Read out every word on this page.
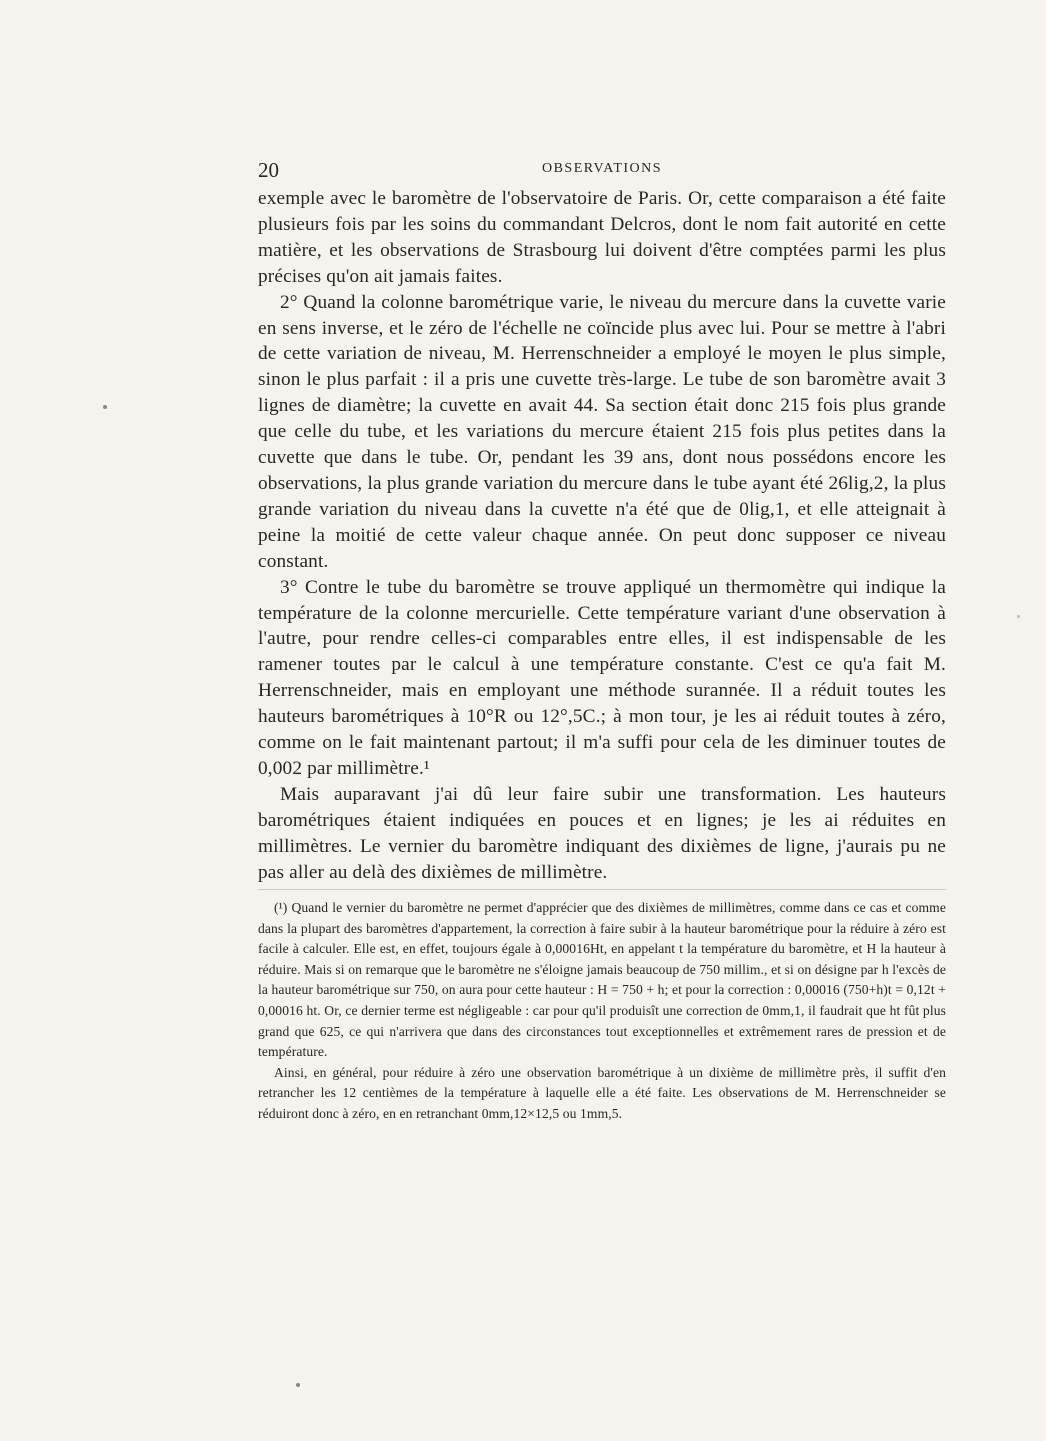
20	OBSERVATIONS

exemple avec le baromètre de l'observatoire de Paris. Or, cette comparaison a été faite plusieurs fois par les soins du commandant Delcros, dont le nom fait autorité en cette matière, et les observations de Strasbourg lui doivent d'être comptées parmi les plus précises qu'on ait jamais faites.

2° Quand la colonne barométrique varie, le niveau du mercure dans la cuvette varie en sens inverse, et le zéro de l'échelle ne coïncide plus avec lui. Pour se mettre à l'abri de cette variation de niveau, M. Herrenschneider a employé le moyen le plus simple, sinon le plus parfait : il a pris une cuvette très-large. Le tube de son baromètre avait 3 lignes de diamètre; la cuvette en avait 44. Sa section était donc 215 fois plus grande que celle du tube, et les variations du mercure étaient 215 fois plus petites dans la cuvette que dans le tube. Or, pendant les 39 ans, dont nous possédons encore les observations, la plus grande variation du mercure dans le tube ayant été 26lig,2, la plus grande variation du niveau dans la cuvette n'a été que de 0lig,1, et elle atteignait à peine la moitié de cette valeur chaque année. On peut donc supposer ce niveau constant.

3° Contre le tube du baromètre se trouve appliqué un thermomètre qui indique la température de la colonne mercurielle. Cette température variant d'une observation à l'autre, pour rendre celles-ci comparables entre elles, il est indispensable de les ramener toutes par le calcul à une température constante. C'est ce qu'a fait M. Herrenschneider, mais en employant une méthode surannée. Il a réduit toutes les hauteurs barométriques à 10°R ou 12°,5C.; à mon tour, je les ai réduit toutes à zéro, comme on le fait maintenant partout; il m'a suffi pour cela de les diminuer toutes de 0,002 par millimètre.¹

Mais auparavant j'ai dû leur faire subir une transformation. Les hauteurs barométriques étaient indiquées en pouces et en lignes; je les ai réduites en millimètres. Le vernier du baromètre indiquant des dixièmes de ligne, j'aurais pu ne pas aller au delà des dixièmes de millimètre.

(¹) Quand le vernier du baromètre ne permet d'apprécier que des dixièmes de millimètres, comme dans ce cas et comme dans la plupart des baromètres d'appartement, la correction à faire subir à la hauteur barométrique pour la réduire à zéro est facile à calculer. Elle est, en effet, toujours égale à 0,00016Ht, en appelant t la température du baromètre, et H la hauteur à réduire. Mais si on remarque que le baromètre ne s'éloigne jamais beaucoup de 750 millim., et si on désigne par h l'excès de la hauteur barométrique sur 750, on aura pour cette hauteur : H = 750 + h; et pour la correction : 0,00016 (750+h)t = 0,12t + 0,00016 ht. Or, ce dernier terme est négligeable : car pour qu'il produisît une correction de 0mm,1, il faudrait que ht fût plus grand que 625, ce qui n'arrivera que dans des circonstances tout exceptionnelles et extrêmement rares de pression et de température.

Ainsi, en général, pour réduire à zéro une observation barométrique à un dixième de millimètre près, il suffit d'en retrancher les 12 centièmes de la température à laquelle elle a été faite. Les observations de M. Herrenschneider se réduiront donc à zéro, en en retranchant 0mm,12×12,5 ou 1mm,5.
